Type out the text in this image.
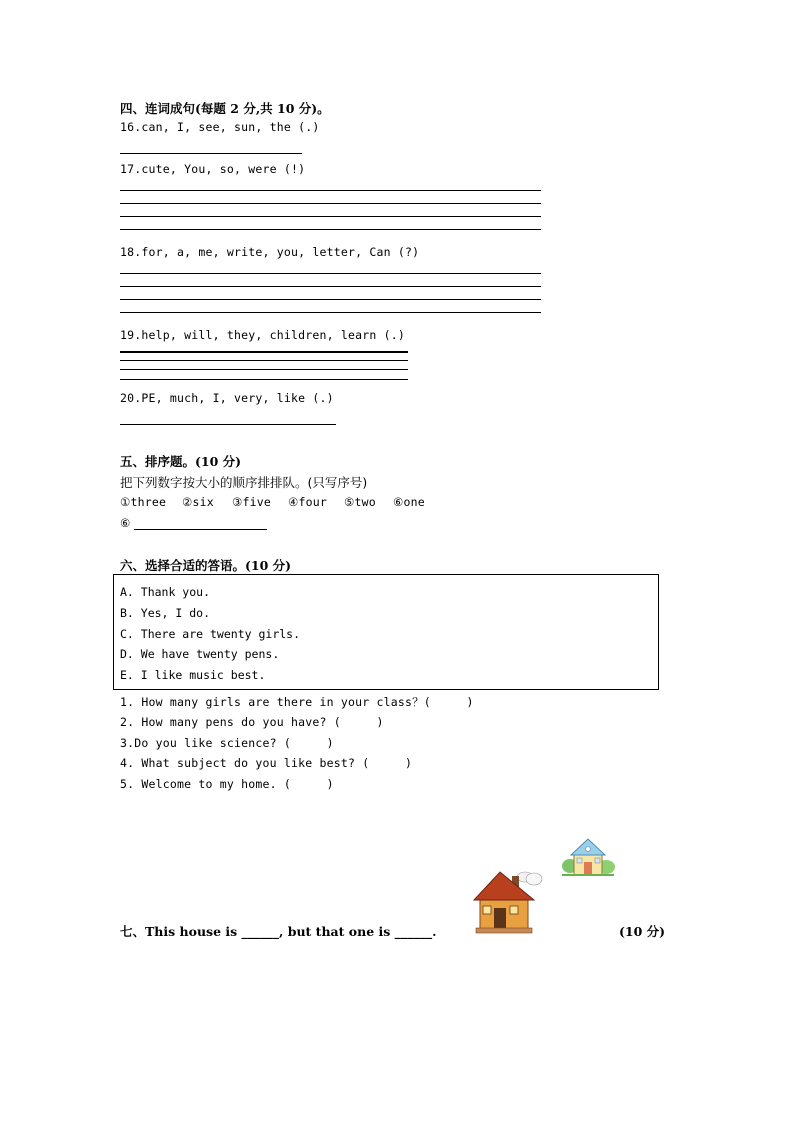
四、连词成句(每题 2 分,共 10 分)。
16.can, I, see, sun, the (.)
17.cute, You, so, were (!)
18.for, a, me, write, you, letter, Can (?)
19.help, will, they, children, learn (.)
20.PE, much, I, very, like (.)
五、排序题。(10 分)
把下列数字按大小的顺序排排队。(只写序号)
①three ②six ③five ④four ⑤two ⑥one
⑥
六、选择合适的答语。(10 分)
A. Thank you.
B. Yes, I do.
C. There are twenty girls.
D. We have twenty pens.
E. I like music best.
1. How many girls are there in your class？(     )
2. How many pens do you have? (     )
3.Do you like science? (     )
4. What subject do you like best? (     )
5. Welcome to my home. (     )
七、This house is ______, but that one is ______.	(10 分)
